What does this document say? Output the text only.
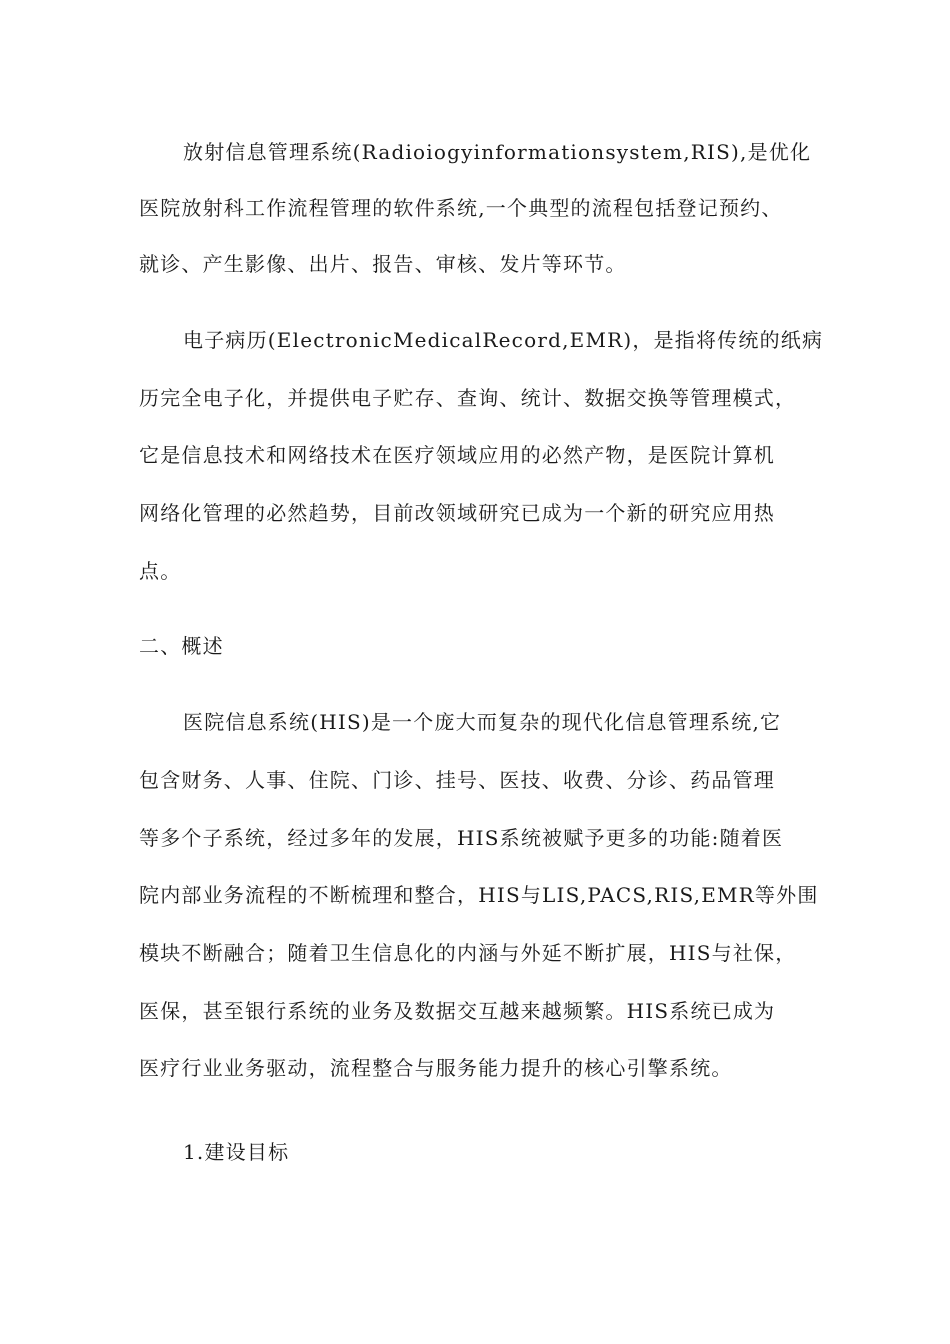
放射信息管理系统(Radioiogyinformationsystem,RIS),是优化

医院放射科工作流程管理的软件系统,一个典型的流程包括登记预约、

就诊、产生影像、出片、报告、审核、发片等环节。

电子病历(ElectronicMedicalRecord,EMR)，是指将传统的纸病

历完全电子化，并提供电子贮存、查询、统计、数据交换等管理模式，

它是信息技术和网络技术在医疗领域应用的必然产物，是医院计算机

网络化管理的必然趋势，目前改领域研究已成为一个新的研究应用热

点。

二、概述

医院信息系统(HIS)是一个庞大而复杂的现代化信息管理系统,它

包含财务、人事、住院、门诊、挂号、医技、收费、分诊、药品管理

等多个子系统，经过多年的发展，HIS系统被赋予更多的功能:随着医

院内部业务流程的不断梳理和整合，HIS与LIS,PACS,RIS,EMR等外围

模块不断融合；随着卫生信息化的内涵与外延不断扩展，HIS与社保，

医保，甚至银行系统的业务及数据交互越来越频繁。HIS系统已成为

医疗行业业务驱动，流程整合与服务能力提升的核心引擎系统。

1.建设目标
